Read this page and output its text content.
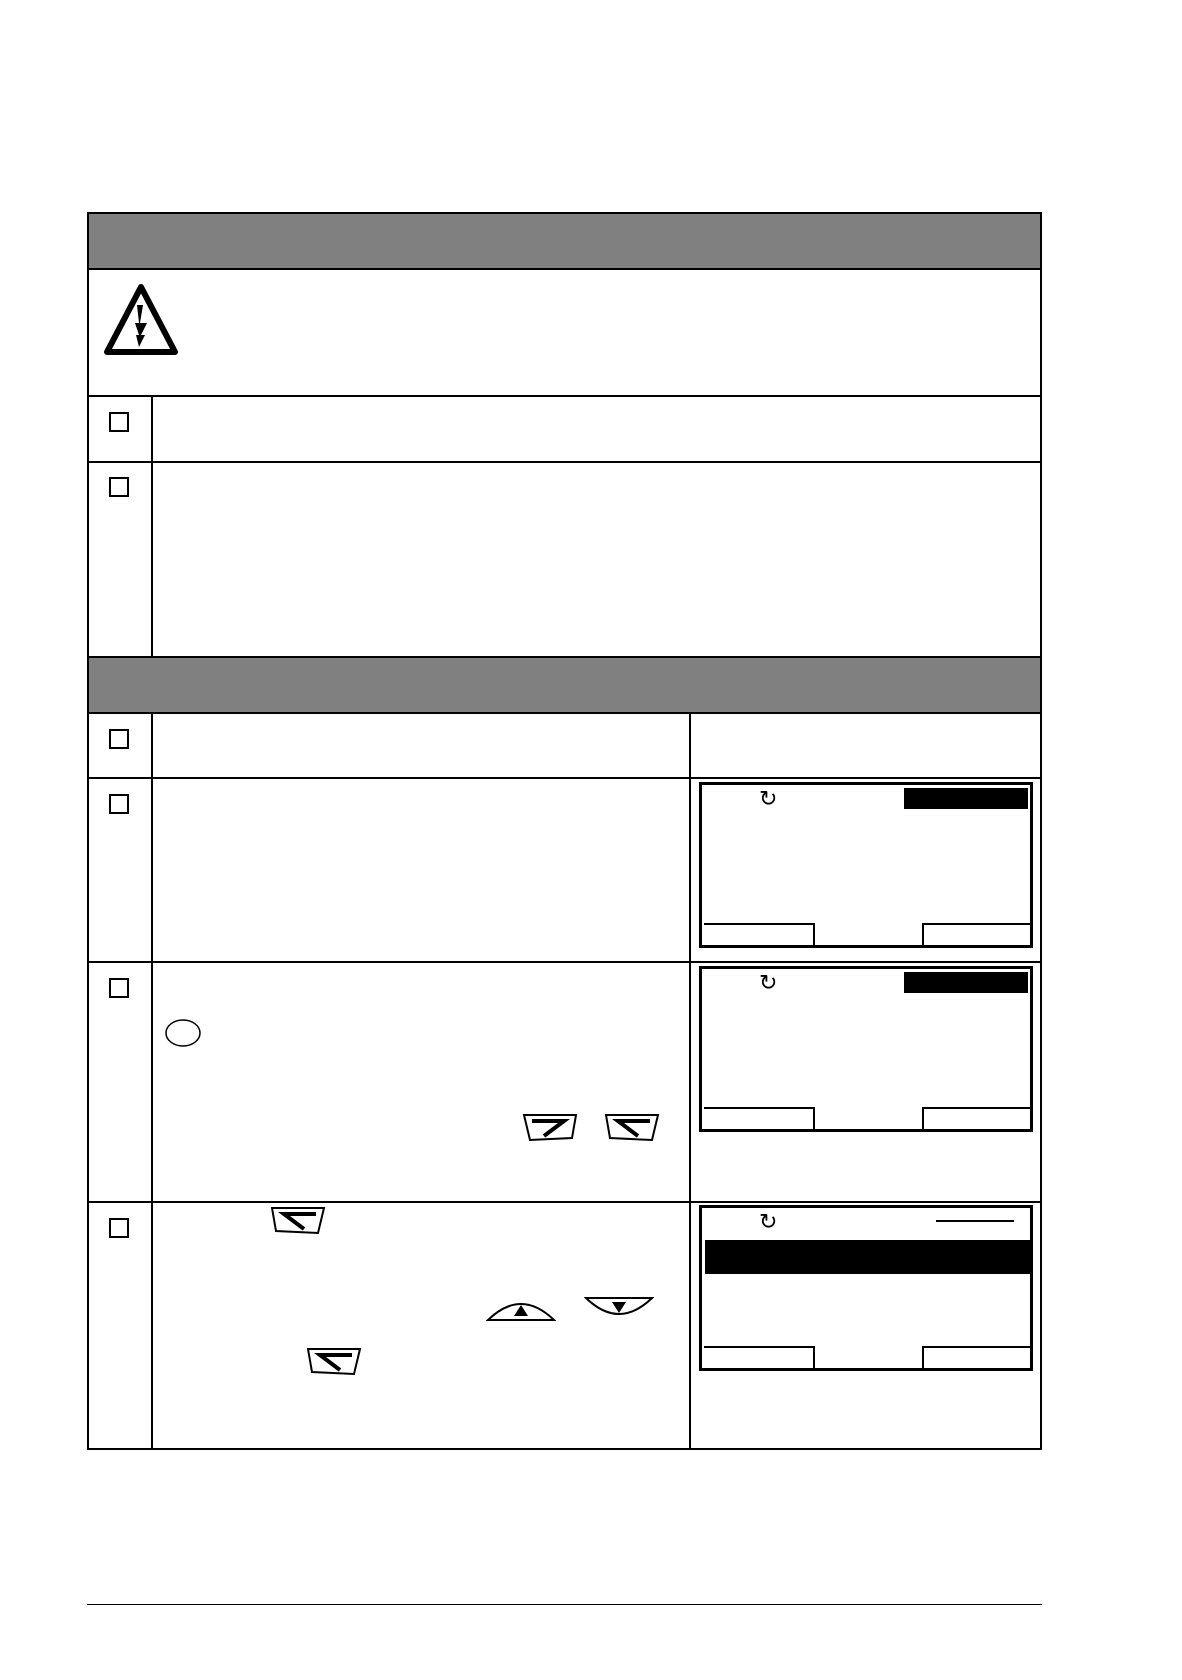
↻
↻
↻
